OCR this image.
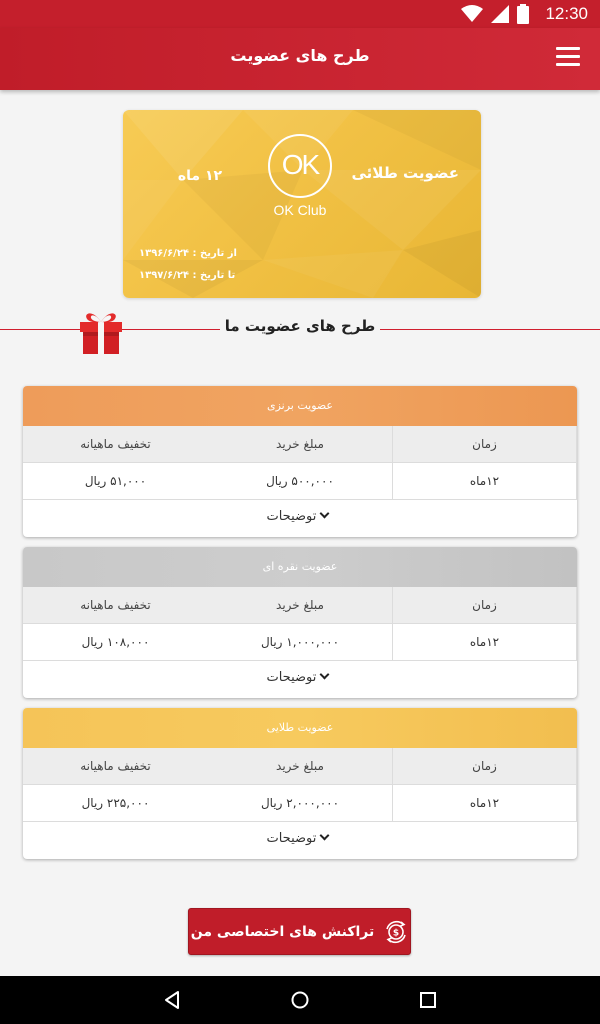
12:30
طرح های عضویت
OK
OK Club
عضویت طلائی
۱۲ ماه
از تاریخ : ۱۳۹۶/۶/۲۴
تا تاریخ : ۱۳۹۷/۶/۲۴
طرح های عضویت ما
عضویت برنزی
تخفیف ماهیانه	مبلغ خرید	زمان
۵۱,۰۰۰ ریال	۵۰۰,۰۰۰ ریال	۱۲ماه
توضیحات
عضویت نقره ای
تخفیف ماهیانه	مبلغ خرید	زمان
۱۰۸,۰۰۰ ریال	۱,۰۰۰,۰۰۰ ریال	۱۲ماه
توضیحات
عضویت طلایی
تخفیف ماهیانه	مبلغ خرید	زمان
۲۲۵,۰۰۰ ریال	۲,۰۰۰,۰۰۰ ریال	۱۲ماه
توضیحات
$
تراکنش های اختصاصی من
